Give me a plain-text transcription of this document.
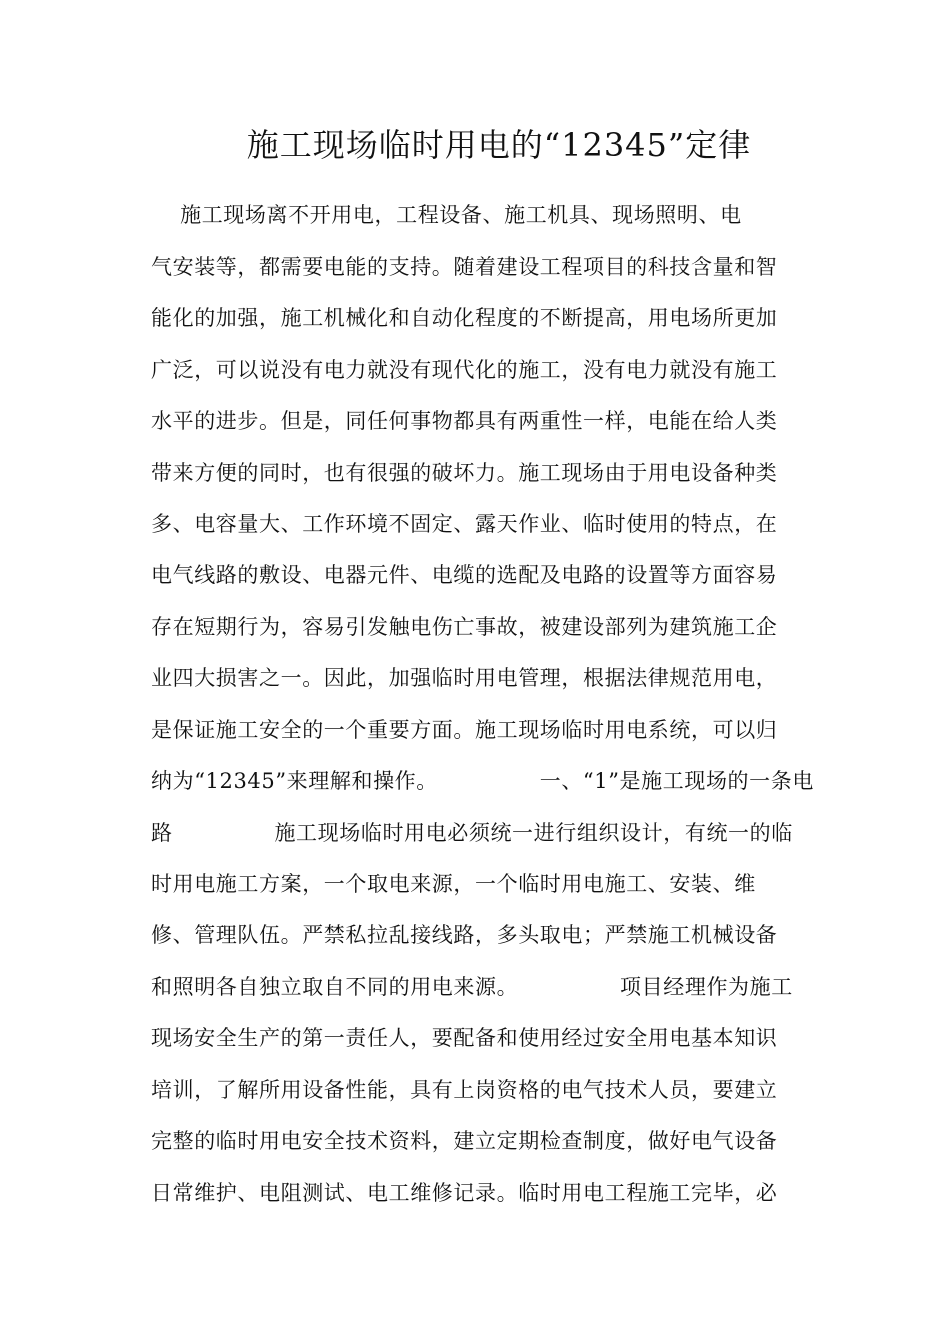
施工现场临时用电的“12345”定律
施工现场离不开用电，工程设备、施工机具、现场照明、电
气安装等，都需要电能的支持。随着建设工程项目的科技含量和智
能化的加强，施工机械化和自动化程度的不断提高，用电场所更加
广泛，可以说没有电力就没有现代化的施工，没有电力就没有施工
水平的进步。但是，同任何事物都具有两重性一样，电能在给人类
带来方便的同时，也有很强的破坏力。施工现场由于用电设备种类
多、电容量大、工作环境不固定、露天作业、临时使用的特点，在
电气线路的敷设、电器元件、电缆的选配及电路的设置等方面容易
存在短期行为，容易引发触电伤亡事故，被建设部列为建筑施工企
业四大损害之一。因此，加强临时用电管理，根据法律规范用电，
是保证施工安全的一个重要方面。施工现场临时用电系统，可以归
纳为“12345”来理解和操作。              一、“1”是施工现场的一条电
路              施工现场临时用电必须统一进行组织设计，有统一的临
时用电施工方案，一个取电来源，一个临时用电施工、安装、维
修、管理队伍。严禁私拉乱接线路，多头取电；严禁施工机械设备
和照明各自独立取自不同的用电来源。              项目经理作为施工
现场安全生产的第一责任人，要配备和使用经过安全用电基本知识
培训，了解所用设备性能，具有上岗资格的电气技术人员，要建立
完整的临时用电安全技术资料，建立定期检查制度，做好电气设备
日常维护、电阻测试、电工维修记录。临时用电工程施工完毕，必
